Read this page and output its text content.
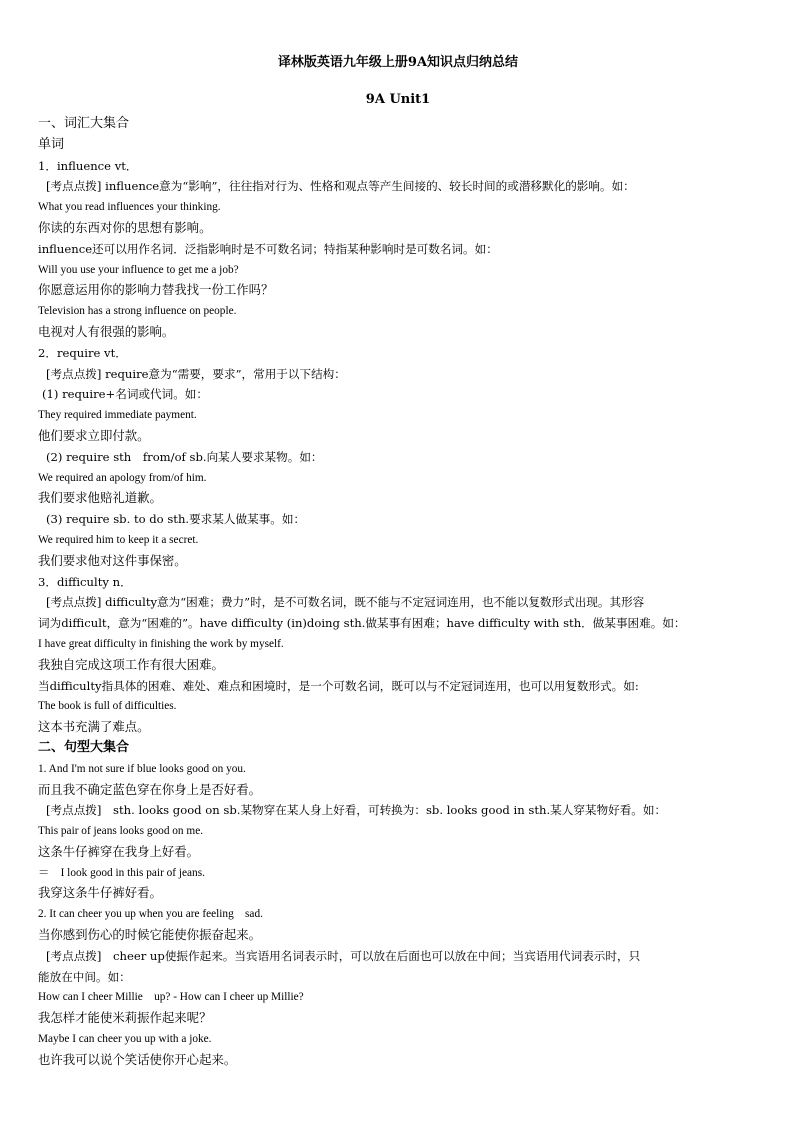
译林版英语九年级上册9A知识点归纳总结
9A Unit1
一、词汇大集合
单词
1．influence vt．
[考点点拨] influence意为“影响”，往往指对行为、性格和观点等产生间接的、较长时间的或潜移默化的影响。如：
What you read influences your thinking.
你读的东西对你的思想有影响。
influence还可以用作名词．泛指影响时是不可数名词；特指某种影响时是可数名词。如：
Will you use your influence to get me a job?
你愿意运用你的影响力替我找一份工作吗？
Television has a strong influence on people.
电视对人有很强的影响。
2．require vt．
[考点点拨] require意为“需要，要求”，常用于以下结构：
(1) require+名词或代词。如：
They required immediate payment.
他们要求立即付款。
(2) require sth　from/of sb.向某人要求某物。如：
We required an apology from/of him.
我们要求他赔礼道歉。
(3) require sb. to do sth.要求某人做某事。如：
We required him to keep it a secret.
我们要求他对这件事保密。
3．difficulty n．
[考点点拨] difficulty意为“困难；费力”时，是不可数名词，既不能与不定冠词连用，也不能以复数形式出现。其形容
词为difficult，意为“困难的”。have difficulty (in)doing sth.做某事有困难；have difficulty with sth．做某事困难。如：
I have great difficulty in finishing the work by myself.
我独自完成这项工作有很大困难。
当difficulty指具体的困难、难处、难点和困境时，是一个可数名词，既可以与不定冠词连用，也可以用复数形式。如:
The book is full of difficulties.
这本书充满了难点。
二、句型大集合
1. And I'm not sure if blue looks good on you.
而且我不确定蓝色穿在你身上是否好看。
[考点点拨]　sth. looks good on sb.某物穿在某人身上好看，可转换为：sb. looks good in sth.某人穿某物好看。如：
This pair of jeans looks good on me.
这条牛仔裤穿在我身上好看。
＝　I look good in this pair of jeans.
我穿这条牛仔裤好看。
2. It can cheer you up when you are feeling　sad.
当你感到伤心的时候它能使你振奋起来。
[考点点拨]　cheer up使振作起来。当宾语用名词表示时，可以放在后面也可以放在中间；当宾语用代词表示时，只
能放在中间。如：
How can I cheer Millie　up? - How can I cheer up Millie?
我怎样才能使米莉振作起来呢？
Maybe I can cheer you up with a joke.
也许我可以说个笑话使你开心起来。
